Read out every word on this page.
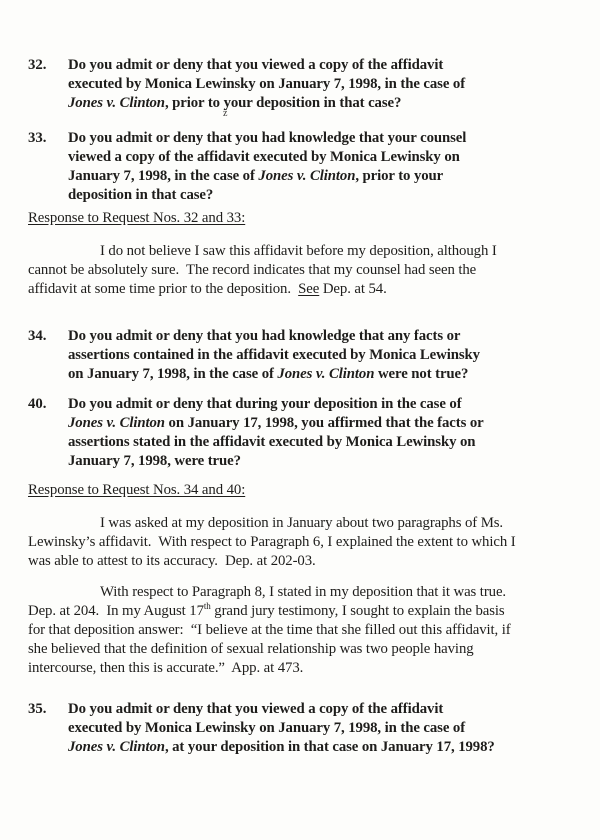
z̄
32.	Do you admit or deny that you viewed a copy of the affidavit
executed by Monica Lewinsky on January 7, 1998, in the case of
Jones v. Clinton, prior to your deposition in that case?
33.	Do you admit or deny that you had knowledge that your counsel
viewed a copy of the affidavit executed by Monica Lewinsky on
January 7, 1998, in the case of Jones v. Clinton, prior to your
deposition in that case?
Response to Request Nos. 32 and 33:
I do not believe I saw this affidavit before my deposition, although I
cannot be absolutely sure.  The record indicates that my counsel had seen the
affidavit at some time prior to the deposition.  See Dep. at 54.
34.	Do you admit or deny that you had knowledge that any facts or
assertions contained in the affidavit executed by Monica Lewinsky
on January 7, 1998, in the case of Jones v. Clinton were not true?
40.	Do you admit or deny that during your deposition in the case of
Jones v. Clinton on January 17, 1998, you affirmed that the facts or
assertions stated in the affidavit executed by Monica Lewinsky on
January 7, 1998, were true?
Response to Request Nos. 34 and 40:
I was asked at my deposition in January about two paragraphs of Ms.
Lewinsky’s affidavit.  With respect to Paragraph 6, I explained the extent to which I
was able to attest to its accuracy.  Dep. at 202-03.
With respect to Paragraph 8, I stated in my deposition that it was true.
Dep. at 204.  In my August 17th grand jury testimony, I sought to explain the basis
for that deposition answer:  “I believe at the time that she filled out this affidavit, if
she believed that the definition of sexual relationship was two people having
intercourse, then this is accurate.”  App. at 473.
35.	Do you admit or deny that you viewed a copy of the affidavit
executed by Monica Lewinsky on January 7, 1998, in the case of
Jones v. Clinton, at your deposition in that case on January 17, 1998?
